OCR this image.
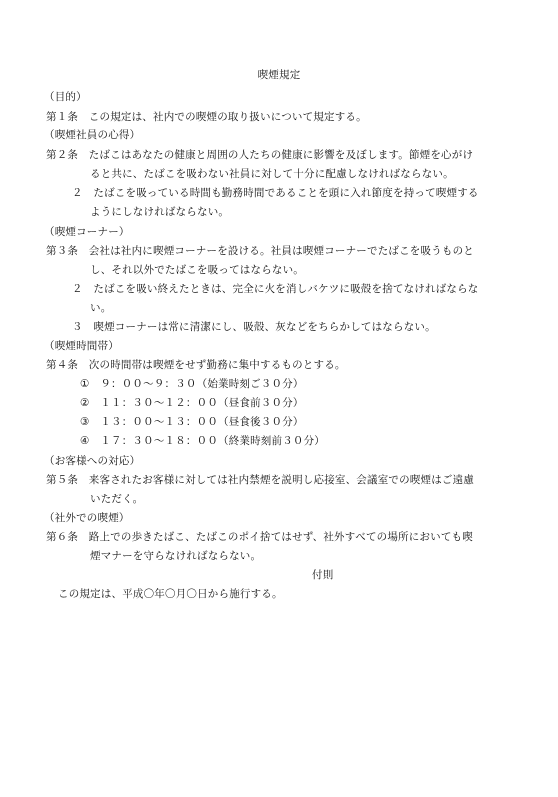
喫煙規定
（目的）
第１条　この規定は、社内での喫煙の取り扱いについて規定する。
（喫煙社員の心得）
第２条　たばこはあなたの健康と周囲の人たちの健康に影響を及ぼします。節煙を心がけ
ると共に、たばこを吸わない社員に対して十分に配慮しなければならない。
２　たばこを吸っている時間も勤務時間であることを頭に入れ節度を持って喫煙する
ようにしなければならない。
（喫煙コーナー）
第３条　会社は社内に喫煙コーナーを設ける。社員は喫煙コーナーでたばこを吸うものと
し、それ以外でたばこを吸ってはならない。
２　たばこを吸い終えたときは、完全に火を消しバケツに吸殻を捨てなければならな
い。
３　喫煙コーナーは常に清潔にし、吸殻、灰などをちらかしてはならない。
（喫煙時間帯）
第４条　次の時間帯は喫煙をせず勤務に集中するものとする。
①　９：００～９：３０（始業時刻ご３０分）
②　１１：３０～１２：００（昼食前３０分）
③　１３：００～１３：００（昼食後３０分）
④　１７：３０～１８：００（終業時刻前３０分）
（お客様への対応）
第５条　来客されたお客様に対しては社内禁煙を説明し応接室、会議室での喫煙はご遠慮
いただく。
（社外での喫煙）
第６条　路上での歩きたばこ、たばこのポイ捨てはせず、社外すべての場所においても喫
煙マナーを守らなければならない。
付則
この規定は、平成〇年〇月〇日から施行する。
